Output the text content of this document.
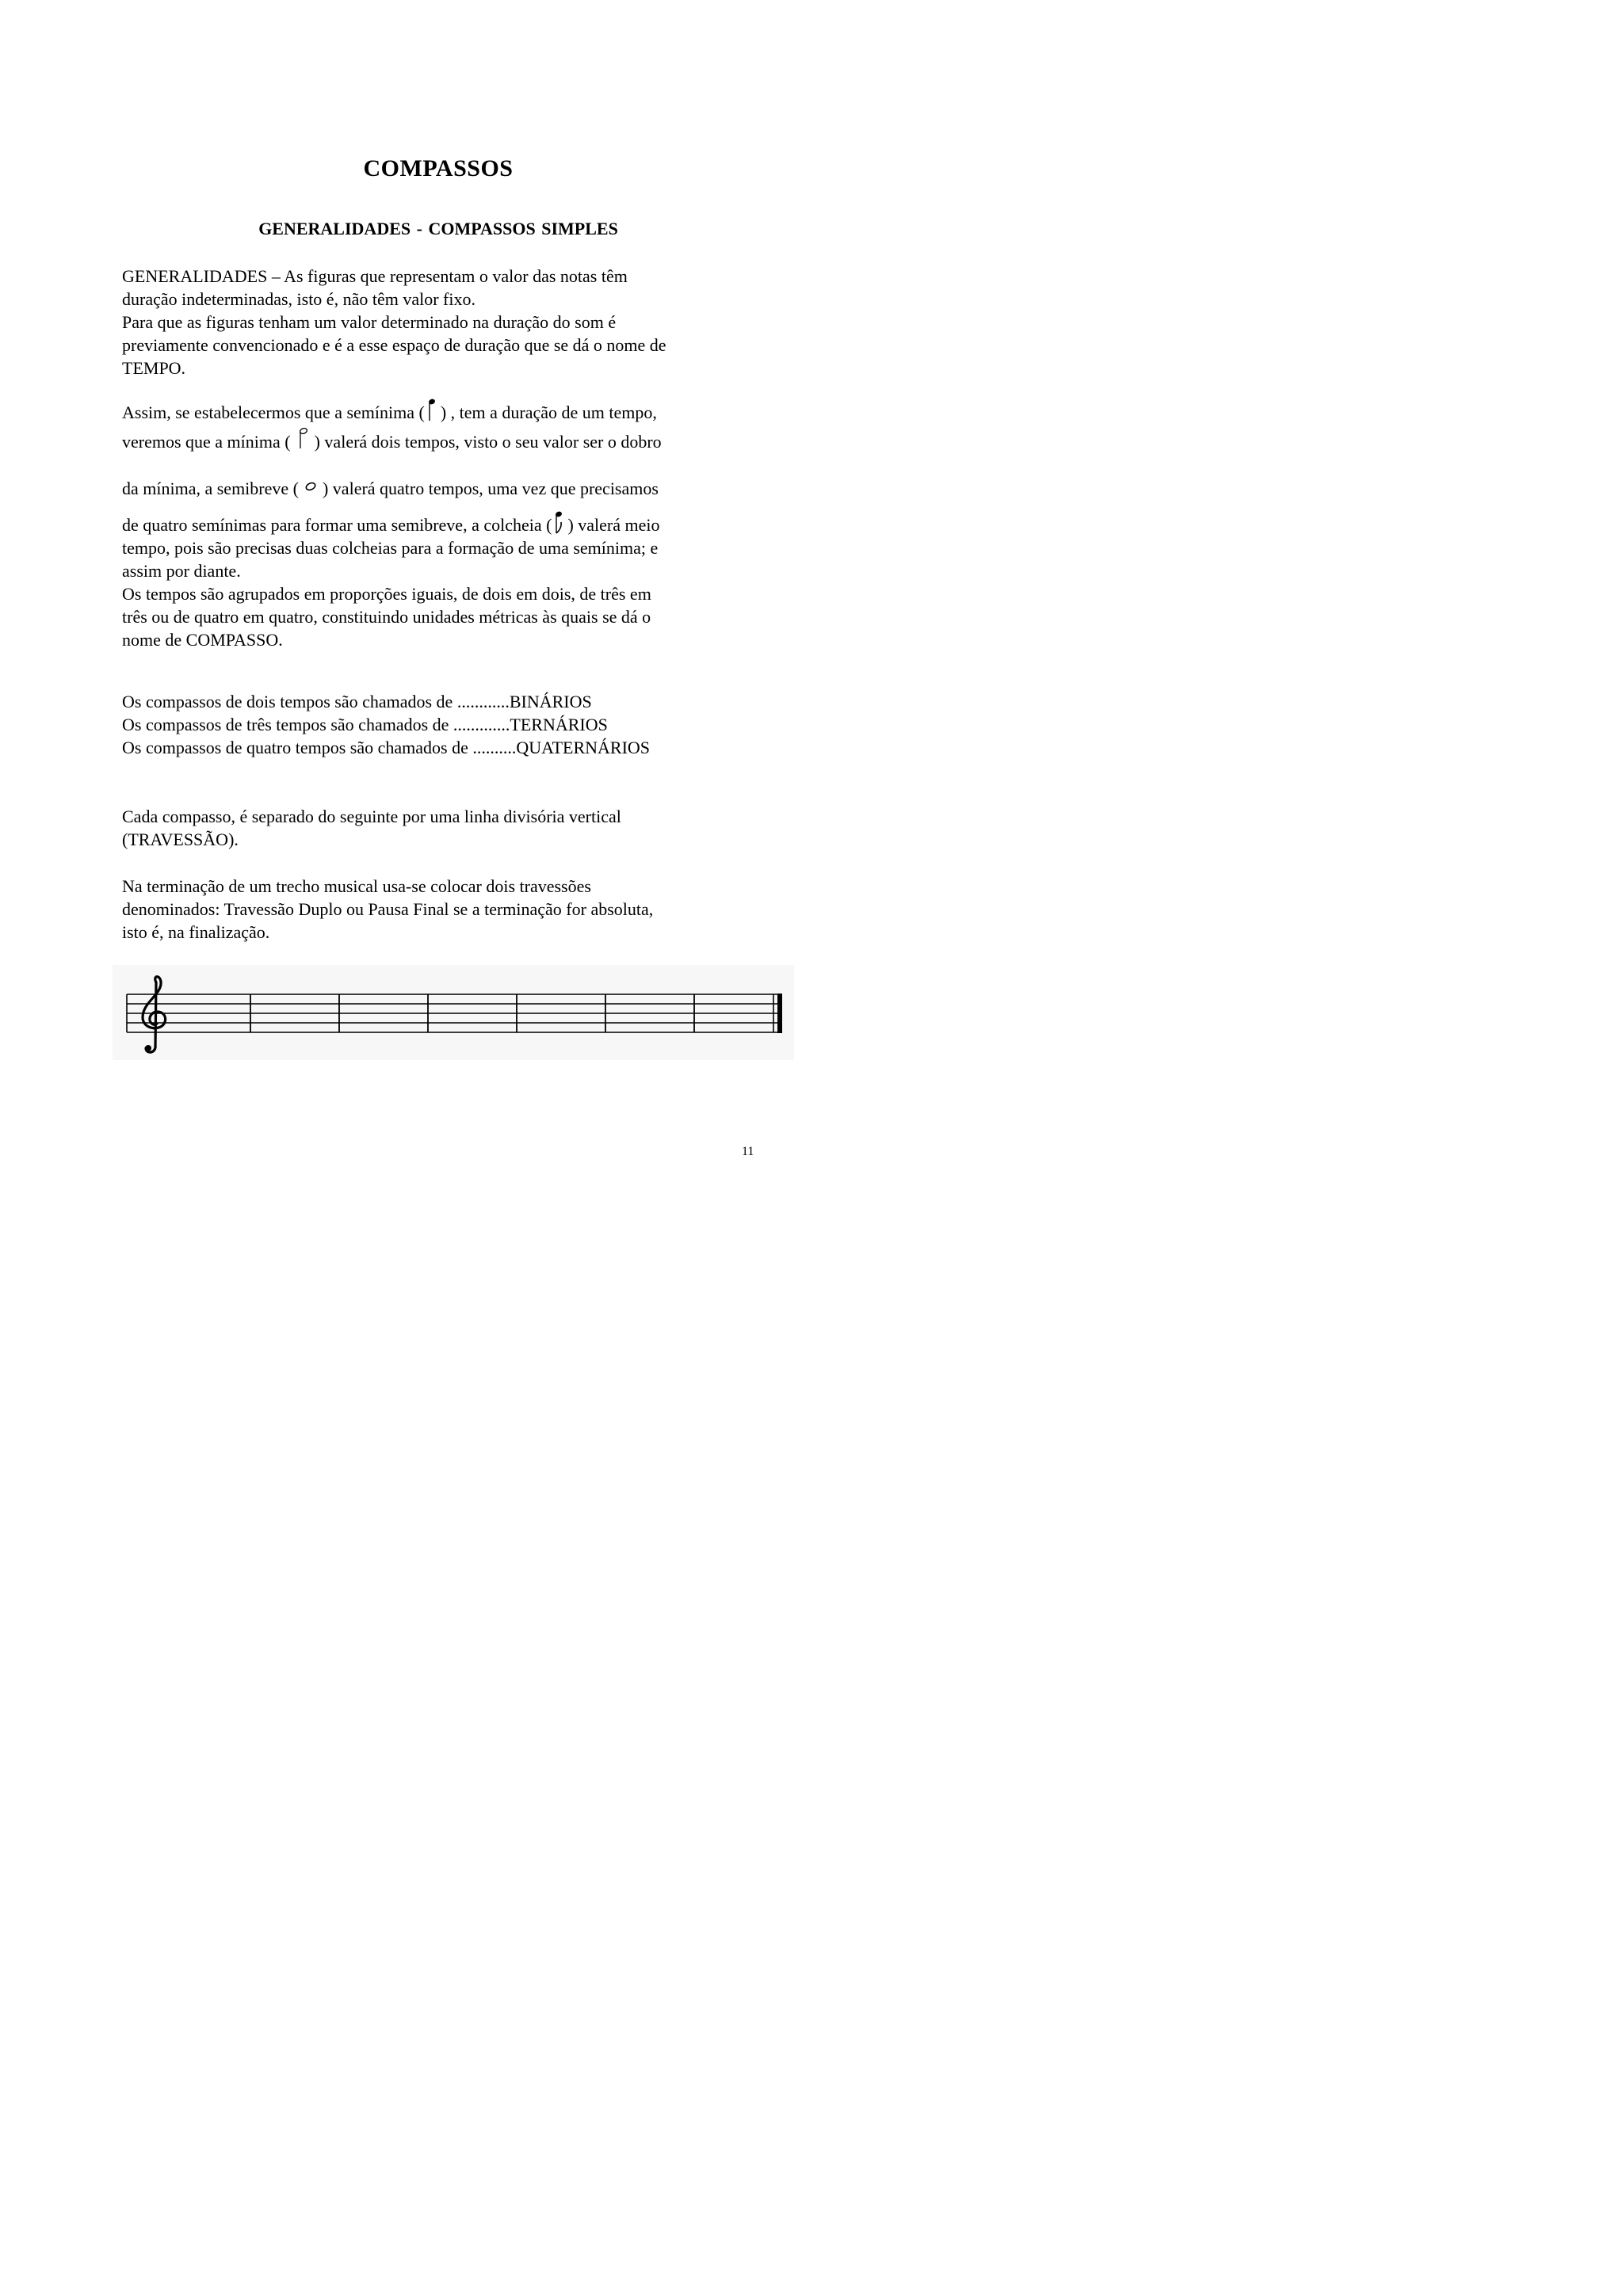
COMPASSOS
GENERALIDADES - COMPASSOS SIMPLES
GENERALIDADES – As figuras que representam o valor das notas têm
duração indeterminadas, isto é, não têm valor fixo.
Para que as figuras tenham um valor determinado na duração do som é
previamente convencionado e é a esse espaço de duração que se dá o nome de
TEMPO.
Assim, se estabelecermos que a semínima ( ) , tem a duração de um tempo,
veremos que a mínima ( ) valerá dois tempos, visto o seu valor ser o dobro
da mínima, a semibreve ( ) valerá quatro tempos, uma vez que precisamos
de quatro semínimas para formar uma semibreve, a colcheia ( ) valerá meio
tempo, pois são precisas duas colcheias para a formação de uma semínima; e
assim por diante.
Os tempos são agrupados em proporções iguais, de dois em dois, de três em
três ou de quatro em quatro, constituindo unidades métricas às quais se dá o
nome de COMPASSO.
Os compassos de dois tempos são chamados de ............BINÁRIOS
Os compassos de três tempos são chamados de .............TERNÁRIOS
Os compassos de quatro tempos são chamados de ..........QUATERNÁRIOS
Cada compasso, é separado do seguinte por uma linha divisória vertical
(TRAVESSÃO).
Na terminação de um trecho musical usa-se colocar dois travessões
denominados: Travessão Duplo ou Pausa Final se a terminação for absoluta,
isto é, na finalização.
11
